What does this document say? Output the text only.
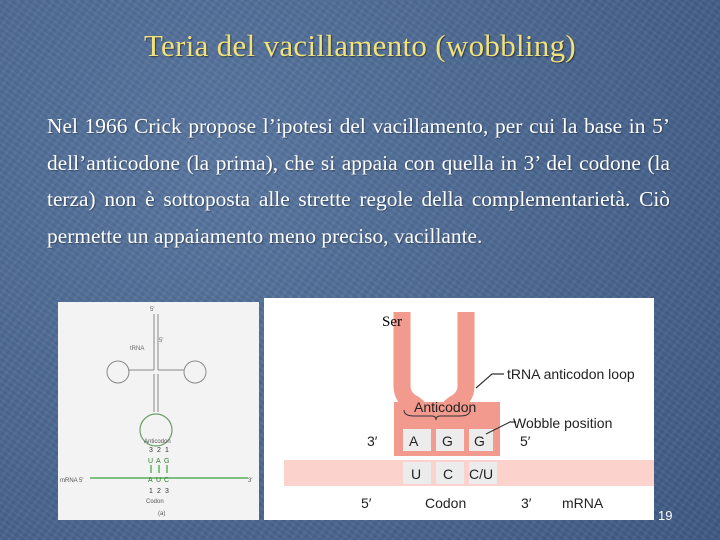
Teria del vacillamento (wobbling)
Nel 1966 Crick propose l’ipotesi del vacillamento, per cui la base in 5’ dell’anticodone (la prima), che si appaia con quella in 3’ del codone (la terza) non è sottoposta alle strette regole della complementarietà. Ciò permette un appaiamento meno preciso, vacillante.
5′
tRNA
5′
Anticodon
3 2 1
U A G
A U C
1 2 3
mRNA 5′	3′
Codon
(a)
Ser
tRNA anticodon loop
Anticodon
Wobble position
3′ A G G	5′
U C C/U
5′	Codon	3′ mRNA
19
